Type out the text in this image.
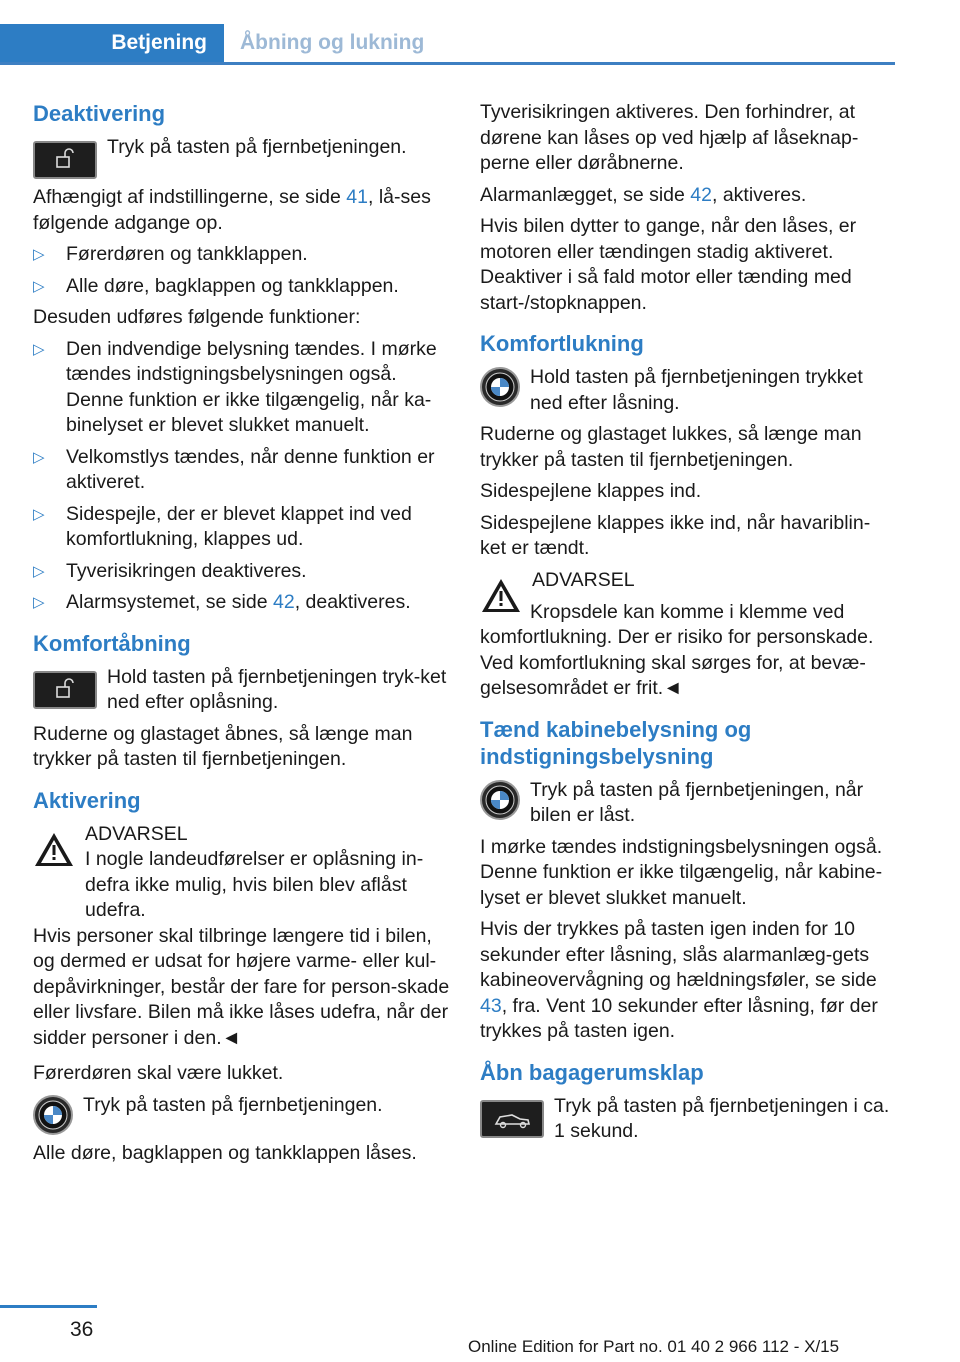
Betjening Åbning og lukning
Deaktivering
Tryk på tasten på fjernbetjeningen.

Afhængigt af indstillingerne, se side 41, lå-ses følgende adgange op.

▷ Førerdøren og tankklappen.
▷ Alle døre, bagklappen og tankklappen.

Desuden udføres følgende funktioner:

▷ Den indvendige belysning tændes. I mørke tændes indstigningsbelysningen også. Denne funktion er ikke tilgængelig, når ka-binelyset er blevet slukket manuelt.
▷ Velkomstlys tændes, når denne funktion er aktiveret.
▷ Sidespejle, der er blevet klappet ind ved komfortlukning, klappes ud.
▷ Tyverisikringen deaktiveres.
▷ Alarmsystemet, se side 42, deaktiveres.
Komfortåbning
Hold tasten på fjernbetjeningen tryk-ket ned efter oplåsning.

Ruderne og glastaget åbnes, så længe man trykker på tasten til fjernbetjeningen.

Aktivering
ADVARSEL
I nogle landeudførelser er oplåsning in-defra ikke mulig, hvis bilen blev aflåst udefra.

Hvis personer skal tilbringe længere tid i bilen, og dermed er udsat for højere varme- eller kul-depåvirkninger, består der fare for person-skade eller livsfare. Bilen må ikke låses udefra, når der sidder personer i den.◄

Førerdøren skal være lukket.

Tryk på tasten på fjernbetjeningen.

Alle døre, bagklappen og tankklappen låses.

Tyverisikringen aktiveres. Den forhindrer, at dørene kan låses op ved hjælp af låseknap-perne eller døråbnerne.

Alarmanlægget, se side 42, aktiveres.

Hvis bilen dytter to gange, når den låses, er motoren eller tændingen stadig aktiveret. Deaktiver i så fald motor eller tænding med start-/stopknappen.

Komfortlukning
Hold tasten på fjernbetjeningen trykket ned efter låsning.

Ruderne og glastaget lukkes, så længe man trykker på tasten til fjernbetjeningen.

Sidespejlene klappes ind.

Sidespejlene klappes ikke ind, når havariblin-ket er tændt.

ADVARSEL

Kropsdele kan komme i klemme ved komfortlukning. Der er risiko for personskade. Ved komfortlukning skal sørges for, at bevæ-gelsesområdet er frit.◄

Tænd kabinebelysning og indstigningsbelysning
Tryk på tasten på fjernbetjeningen, når bilen er låst.

I mørke tændes indstigningsbelysningen også. Denne funktion er ikke tilgængelig, når kabine-lyset er blevet slukket manuelt.

Hvis der trykkes på tasten igen inden for 10 sekunder efter låsning, slås alarmanlæg-gets kabineovervågning og hældningsføler, se side 43, fra. Vent 10 sekunder efter låsning, før der trykkes på tasten igen.

Åbn bagagerumsklap
Tryk på tasten på fjernbetjeningen i ca. 1 sekund.
36
Online Edition for Part no. 01 40 2 966 112 - X/15
